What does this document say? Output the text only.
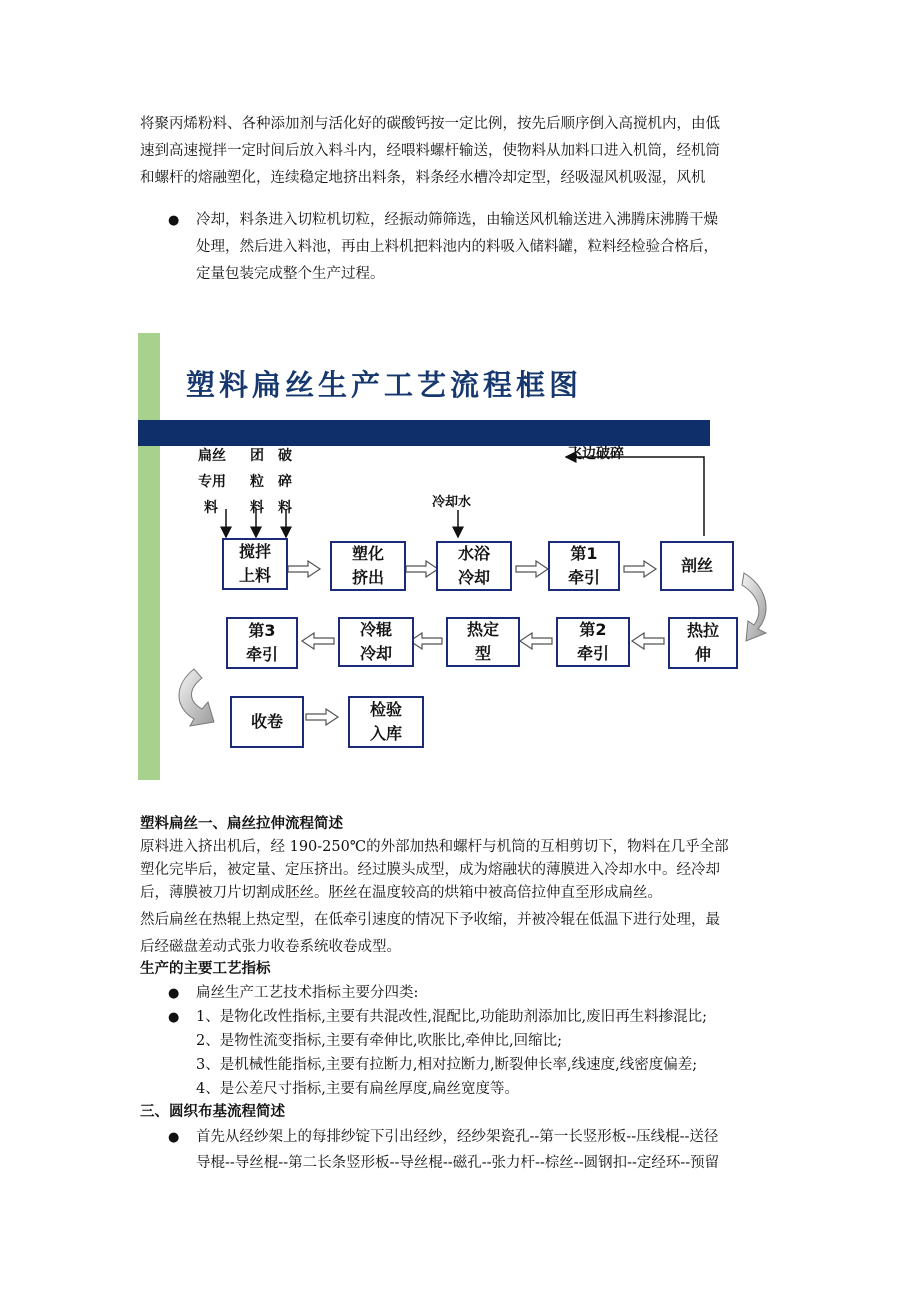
将聚丙烯粉料、各种添加剂与活化好的碳酸钙按一定比例，按先后顺序倒入高搅机内，由低

速到高速搅拌一定时间后放入料斗内，经喂料螺杆输送，使物料从加料口进入机筒，经机筒

和螺杆的熔融塑化，连续稳定地挤出料条，料条经水槽冷却定型，经吸湿风机吸湿，风机

● 冷却，料条进入切粒机切粒，经振动筛筛选，由输送风机输送进入沸腾床沸腾干燥
处理，然后进入料池，再由上料机把料池内的料吸入储料罐，粒料经检验合格后，
定量包装完成整个生产过程。
塑料扁丝生产工艺流程框图
扁丝
专用
料
团
粒
料
破
碎
料
飞边破碎
冷却水
搅拌
上料
塑化
挤出
水浴
冷却
第1
牵引
剖丝
第3
牵引
冷辊
冷却
热定
型
第2
牵引
热拉
伸
收卷
检验
入库
塑料扁丝一、扁丝拉伸流程简述

原料进入挤出机后，经 190-250℃的外部加热和螺杆与机筒的互相剪切下，物料在几乎全部

塑化完毕后，被定量、定压挤出。经过膜头成型，成为熔融状的薄膜进入冷却水中。经冷却

后，薄膜被刀片切割成胚丝。胚丝在温度较高的烘箱中被高倍拉伸直至形成扁丝。

然后扁丝在热辊上热定型，在低牵引速度的情况下予收缩，并被冷辊在低温下进行处理，最

后经磁盘差动式张力收卷系统收卷成型。

生产的主要工艺指标
● 扁丝生产工艺技术指标主要分四类:
● 1、是物化改性指标,主要有共混改性,混配比,功能助剂添加比,废旧再生料掺混比;
2、是物性流变指标,主要有牵伸比,吹胀比,牵伸比,回缩比;
3、是机械性能指标,主要有拉断力,相对拉断力,断裂伸长率,线速度,线密度偏差;
4、是公差尺寸指标,主要有扁丝厚度,扁丝宽度等。
三、圆织布基流程简述
● 首先从经纱架上的每排纱锭下引出经纱，经纱架瓷孔--第一长竖形板--压线棍--送径
导棍--导丝棍--第二长条竖形板--导丝棍--磁孔--张力杆--棕丝--圆钢扣--定经环--预留
